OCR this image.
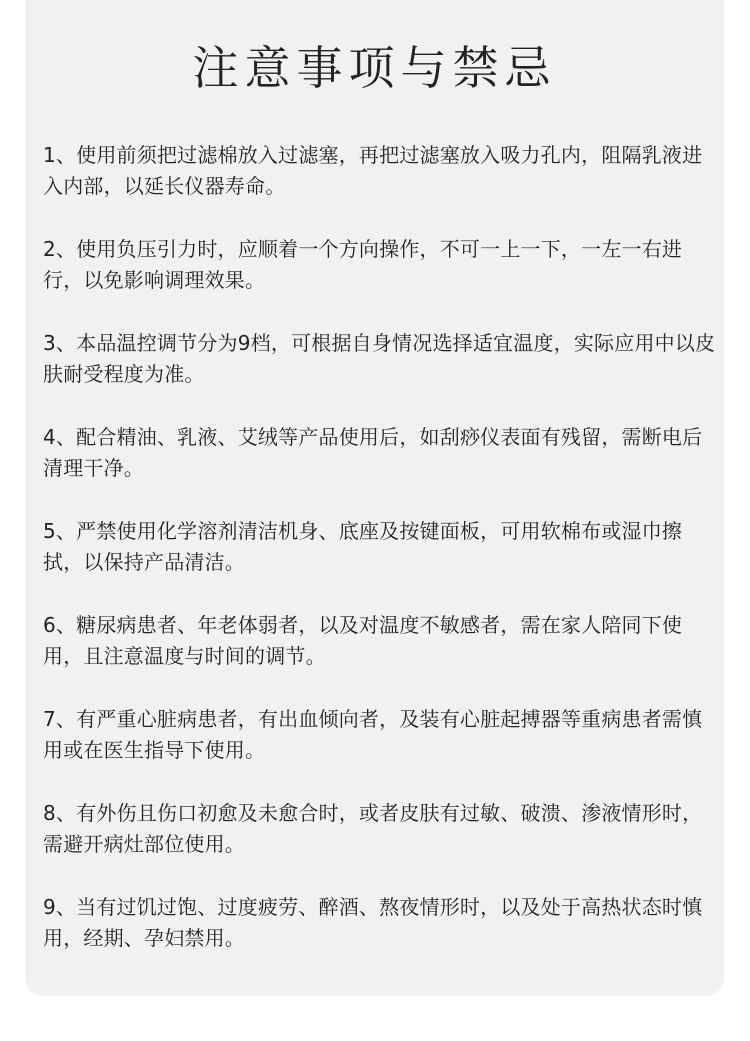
注意事项与禁忌
1、使用前须把过滤棉放入过滤塞，再把过滤塞放入吸力孔内，阻隔乳液进入内部，以延长仪器寿命。
2、使用负压引力时，应顺着一个方向操作，不可一上一下，一左一右进行，以免影响调理效果。
3、本品温控调节分为9档，可根据自身情况选择适宜温度，实际应用中以皮肤耐受程度为准。
4、配合精油、乳液、艾绒等产品使用后，如刮痧仪表面有残留，需断电后清理干净。
5、严禁使用化学溶剂清洁机身、底座及按键面板，可用软棉布或湿巾擦拭，以保持产品清洁。
6、糖尿病患者、年老体弱者，以及对温度不敏感者，需在家人陪同下使用，且注意温度与时间的调节。
7、有严重心脏病患者，有出血倾向者，及装有心脏起搏器等重病患者需慎用或在医生指导下使用。
8、有外伤且伤口初愈及未愈合时，或者皮肤有过敏、破溃、渗液情形时，需避开病灶部位使用。
9、当有过饥过饱、过度疲劳、醉酒、熬夜情形时，以及处于高热状态时慎用，经期、孕妇禁用。
